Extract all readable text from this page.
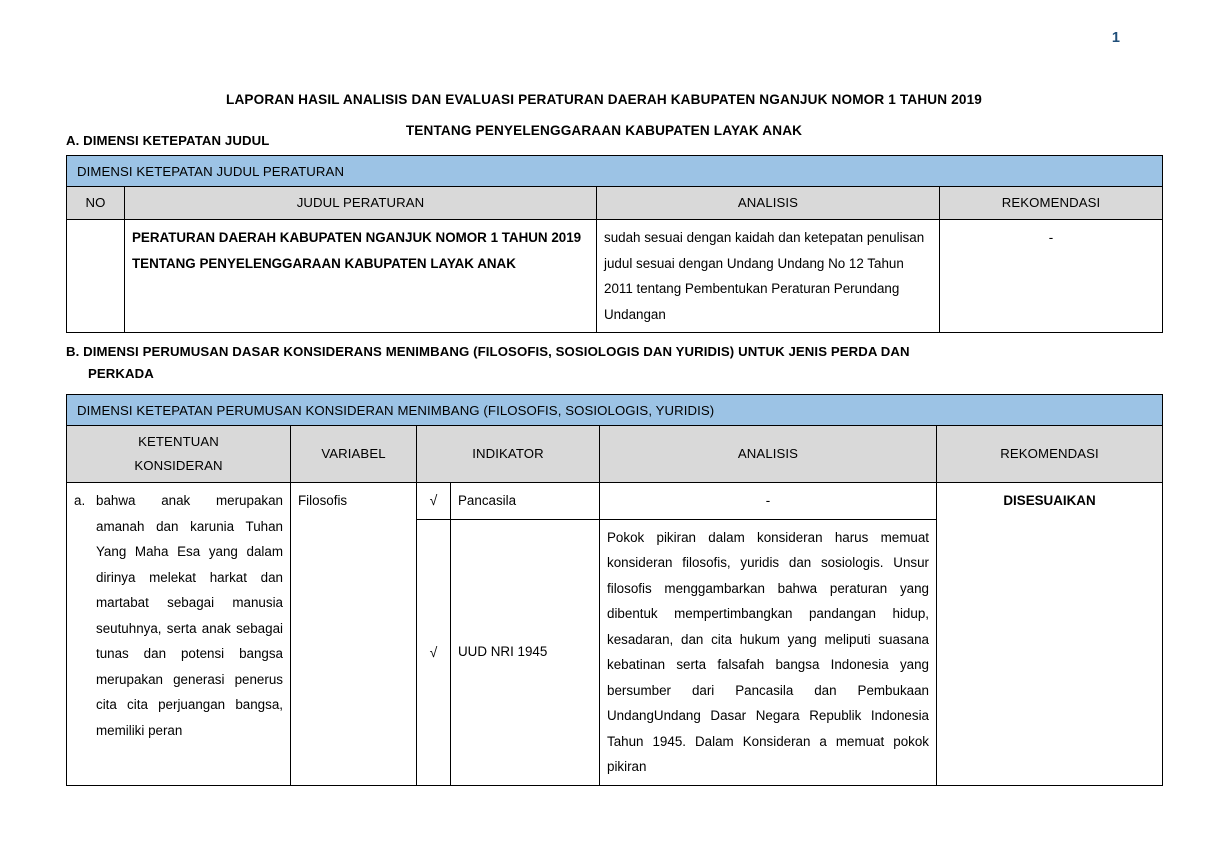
1
LAPORAN HASIL ANALISIS DAN EVALUASI PERATURAN DAERAH KABUPATEN NGANJUK NOMOR 1 TAHUN 2019
TENTANG PENYELENGGARAAN KABUPATEN LAYAK ANAK
A. DIMENSI KETEPATAN JUDUL
DIMENSI KETEPATAN JUDUL PERATURAN			
NO	JUDUL PERATURAN	ANALISIS	REKOMENDASI
	PERATURAN DAERAH KABUPATEN NGANJUK NOMOR 1 TAHUN 2019 TENTANG PENYELENGGARAAN KABUPATEN LAYAK ANAK	sudah sesuai dengan kaidah dan ketepatan penulisan judul sesuai dengan Undang Undang No 12 Tahun 2011 tentang Pembentukan Peraturan Perundang Undangan	-
B. DIMENSI PERUMUSAN DASAR KONSIDERANS MENIMBANG (FILOSOFIS, SOSIOLOGIS DAN YURIDIS) UNTUK JENIS PERDA DAN
PERKADA
DIMENSI KETEPATAN PERUMUSAN KONSIDERAN MENIMBANG (FILOSOFIS, SOSIOLOGIS, YURIDIS)					
KETENTUAN
KONSIDERAN	VARIABEL	INDIKATOR		ANALISIS	REKOMENDASI

a. bahwa anak merupakan amanah dan karunia Tuhan Yang Maha Esa yang dalam dirinya melekat harkat dan martabat sebagai manusia seutuhnya, serta anak sebagai tunas dan potensi bangsa merupakan generasi penerus cita cita perjuangan bangsa, memiliki peran	Filosofis	√	Pancasila	-	DISESUAIKAN
		√	UUD NRI 1945	Pokok pikiran dalam konsideran harus memuat konsideran filosofis, yuridis dan sosiologis. Unsur filosofis menggambarkan bahwa peraturan yang dibentuk mempertimbangkan pandangan hidup, kesadaran, dan cita hukum yang meliputi suasana kebatinan serta falsafah bangsa Indonesia yang bersumber dari Pancasila dan Pembukaan UndangUndang Dasar Negara Republik Indonesia Tahun 1945. Dalam Konsideran a memuat pokok pikiran	
